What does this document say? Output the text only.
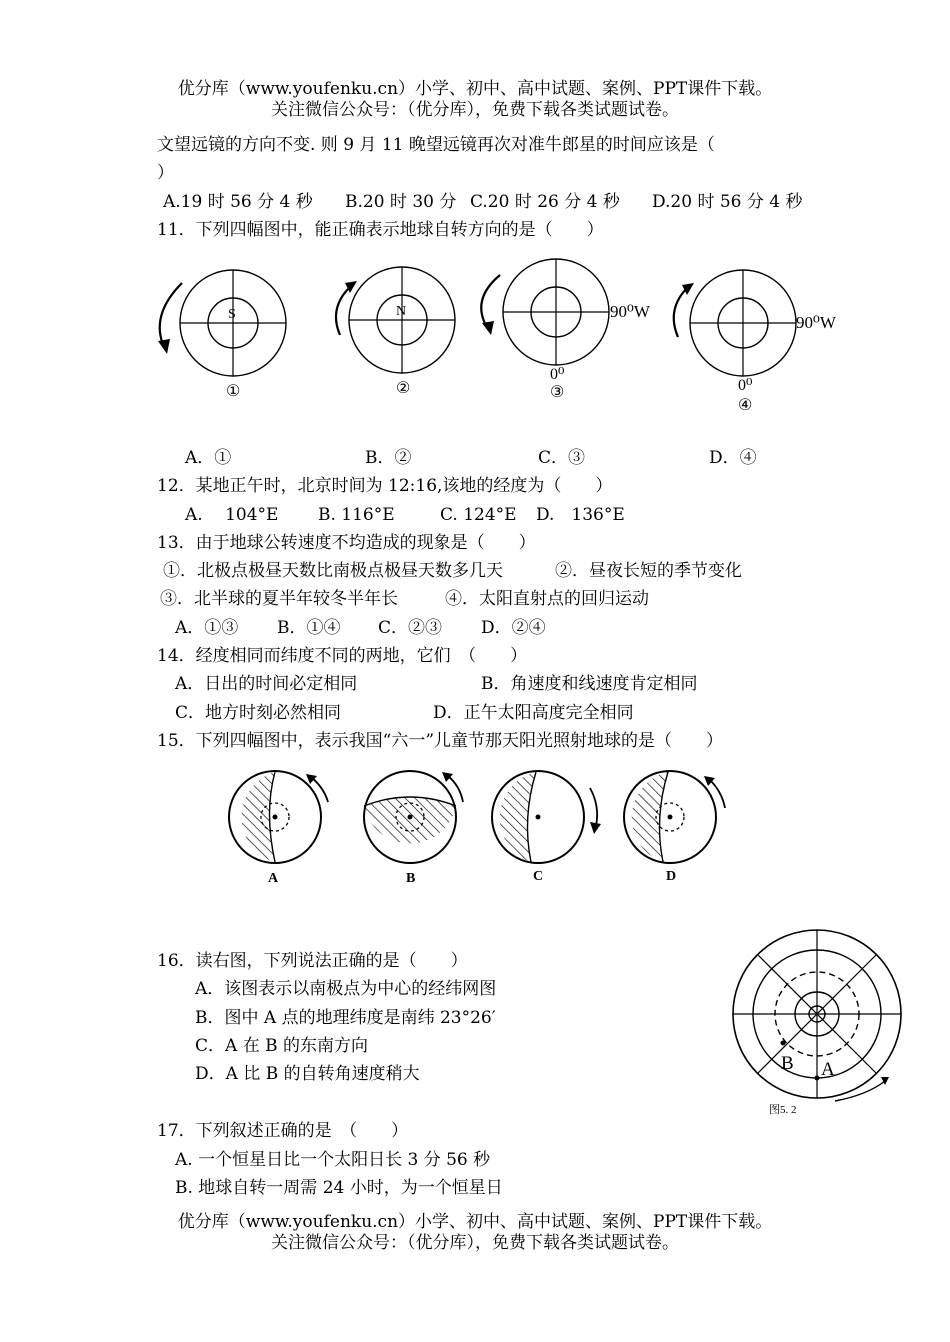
优分库（www.youfenku.cn）小学、初中、高中试题、案例、PPT课件下载。
关注微信公众号：（优分库），免费下载各类试题试卷。
文望远镜的方向不变. 则 9 月 11 晚望远镜再次对准牛郎星的时间应该是（
）
A.19 时 56 分 4 秒 B.20 时 30 分 C.20 时 26 分 4 秒 D.20 时 56 分 4 秒
11．下列四幅图中，能正确表示地球自转方向的是（　　）
S
①
N
②
90⁰W
0⁰
③
90⁰W
0⁰
④
A．①	B．②	C．③	D．④
12．某地正午时，北京时间为 12:16,该地的经度为（　　）
A.　 104°E B. 116°E	C. 124°E D.　136°E
13．由于地球公转速度不均造成的现象是（　　）
①．北极点极昼天数比南极点极昼天数多几天	②．昼夜长短的季节变化
③．北半球的夏半年较冬半年长	④．太阳直射点的回归运动
A．①③ B．①④ C．②③ D．②④
14．经度相同而纬度不同的两地，它们　（　　）
A．日出的时间必定相同	B．角速度和线速度肯定相同
C．地方时刻必然相同	D．正午太阳高度完全相同
15．下列四幅图中，表示我国“六一”儿童节那天阳光照射地球的是（　　）
A	B	C	D
16．读右图，下列说法正确的是（　　）
A．该图表示以南极点为中心的经纬网图
B．图中 A 点的地理纬度是南纬 23°26′
C．A 在 B 的东南方向
D．A 比 B 的自转角速度稍大	A
B
图5. 2
17．下列叙述正确的是　（　　）
A. 一个恒星日比一个太阳日长 3 分 56 秒
B. 地球自转一周需 24 小时，为一个恒星日
优分库（www.youfenku.cn）小学、初中、高中试题、案例、PPT课件下载。
关注微信公众号：（优分库），免费下载各类试题试卷。
